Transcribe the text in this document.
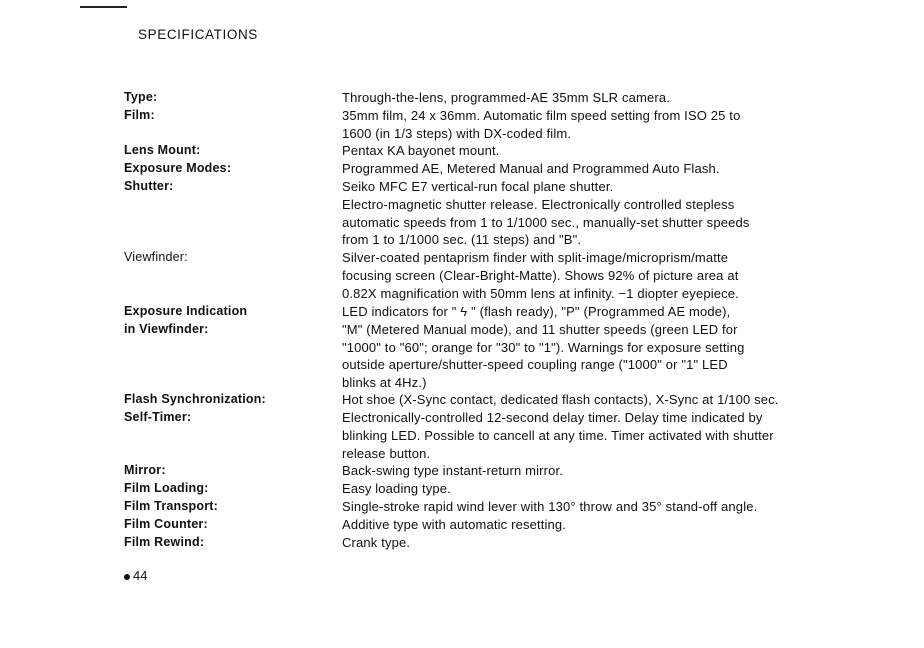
SPECIFICATIONS
Type:
Film:
Lens Mount:
Exposure Modes:
Shutter:
Viewfinder:
Exposure Indication
in Viewfinder:
Flash Synchronization:
Self-Timer:
Mirror:
Film Loading:
Film Transport:
Film Counter:
Film Rewind:
Through-the-lens, programmed-AE 35mm SLR camera.
35mm film, 24 x 36mm. Automatic film speed setting from ISO 25 to
1600 (in 1/3 steps) with DX-coded film.
Pentax KA bayonet mount.
Programmed AE, Metered Manual and Programmed Auto Flash.
Seiko MFC E7 vertical-run focal plane shutter.
Electro-magnetic shutter release. Electronically controlled stepless
automatic speeds from 1 to 1/1000 sec., manually-set shutter speeds
from 1 to 1/1000 sec. (11 steps) and "B".
Silver-coated pentaprism finder with split-image/microprism/matte
focusing screen (Clear-Bright-Matte). Shows 92% of picture area at
0.82X magnification with 50mm lens at infinity. −1 diopter eyepiece.
LED indicators for " ϟ " (flash ready), "P" (Programmed AE mode),
"M" (Metered Manual mode), and 11 shutter speeds (green LED for
"1000" to "60"; orange for "30" to "1"). Warnings for exposure setting
outside aperture/shutter-speed coupling range ("1000" or "1" LED
blinks at 4Hz.)
Hot shoe (X-Sync contact, dedicated flash contacts), X-Sync at 1/100 sec.
Electronically-controlled 12-second delay timer. Delay time indicated by
blinking LED. Possible to cancell at any time. Timer activated with shutter
release button.
Back-swing type instant-return mirror.
Easy loading type.
Single-stroke rapid wind lever with 130° throw and 35° stand-off angle.
Additive type with automatic resetting.
Crank type.
44
